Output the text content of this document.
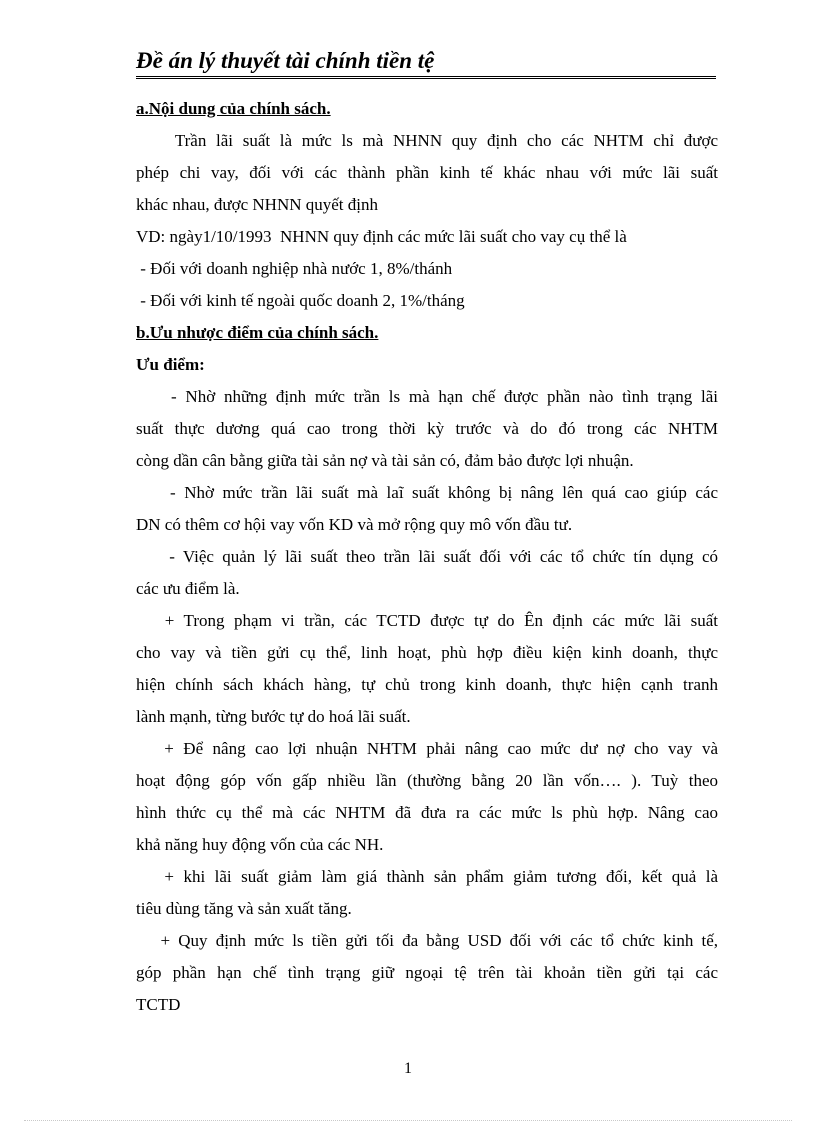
Đề án lý thuyết tài chính tiền tệ
a.Nội dung của chính sách.
Trần lãi suất là mức ls mà NHNN quy định cho các NHTM chỉ được
phép chi vay, đối với các thành phần kinh tế khác nhau với mức lãi suất
khác nhau, được NHNN quyết định
VD: ngày1/10/1993  NHNN quy định các mức lãi suất cho vay cụ thể là
- Đối với doanh nghiệp nhà nước 1, 8%/thánh
- Đối với kinh tế ngoài quốc doanh 2, 1%/tháng
b.Ưu nhược điểm của chính sách.
Ưu điểm:
- Nhờ những định mức trần ls mà hạn chế được phần nào tình trạng lãi
suất thực dương quá cao trong thời kỳ trước và do đó trong các NHTM
còng dần cân bằng giữa tài sản nợ và tài sản có, đảm bảo được lợi nhuận.
- Nhờ mức trần lãi suất mà laĩ suất không bị nâng lên quá cao giúp các
DN có thêm cơ hội vay vốn KD và mở rộng quy mô vốn đầu tư.
- Việc quản lý lãi suất theo trần lãi suất đối với các tổ chức tín dụng có
các ưu điểm là.
+ Trong phạm vi trần, các TCTD được tự do Ên định các mức lãi suất
cho vay và tiền gửi cụ thể, linh hoạt, phù hợp điều kiện kinh doanh, thực
hiện chính sách khách hàng, tự chủ trong kinh doanh, thực hiện cạnh tranh
lành mạnh, từng bước tự do hoá lãi suất.
+ Để nâng cao lợi nhuận NHTM phải nâng cao mức dư nợ cho vay và
hoạt động góp vốn gấp nhiều lần (thường bằng 20 lần vốn…. ). Tuỳ theo
hình thức cụ thể mà các NHTM đã đưa ra các mức ls phù hợp. Nâng cao
khả năng huy động vốn của các NH.
+ khi lãi suất giảm làm giá thành sản phẩm giảm tương đối, kết quả là
tiêu dùng tăng và sản xuất tăng.
+ Quy định mức ls tiền gửi tối đa bằng USD đối với các tổ chức kinh tế,
góp phần hạn chế tình trạng giữ ngoại tệ trên tài khoản tiền gửi tại các
TCTD
1
